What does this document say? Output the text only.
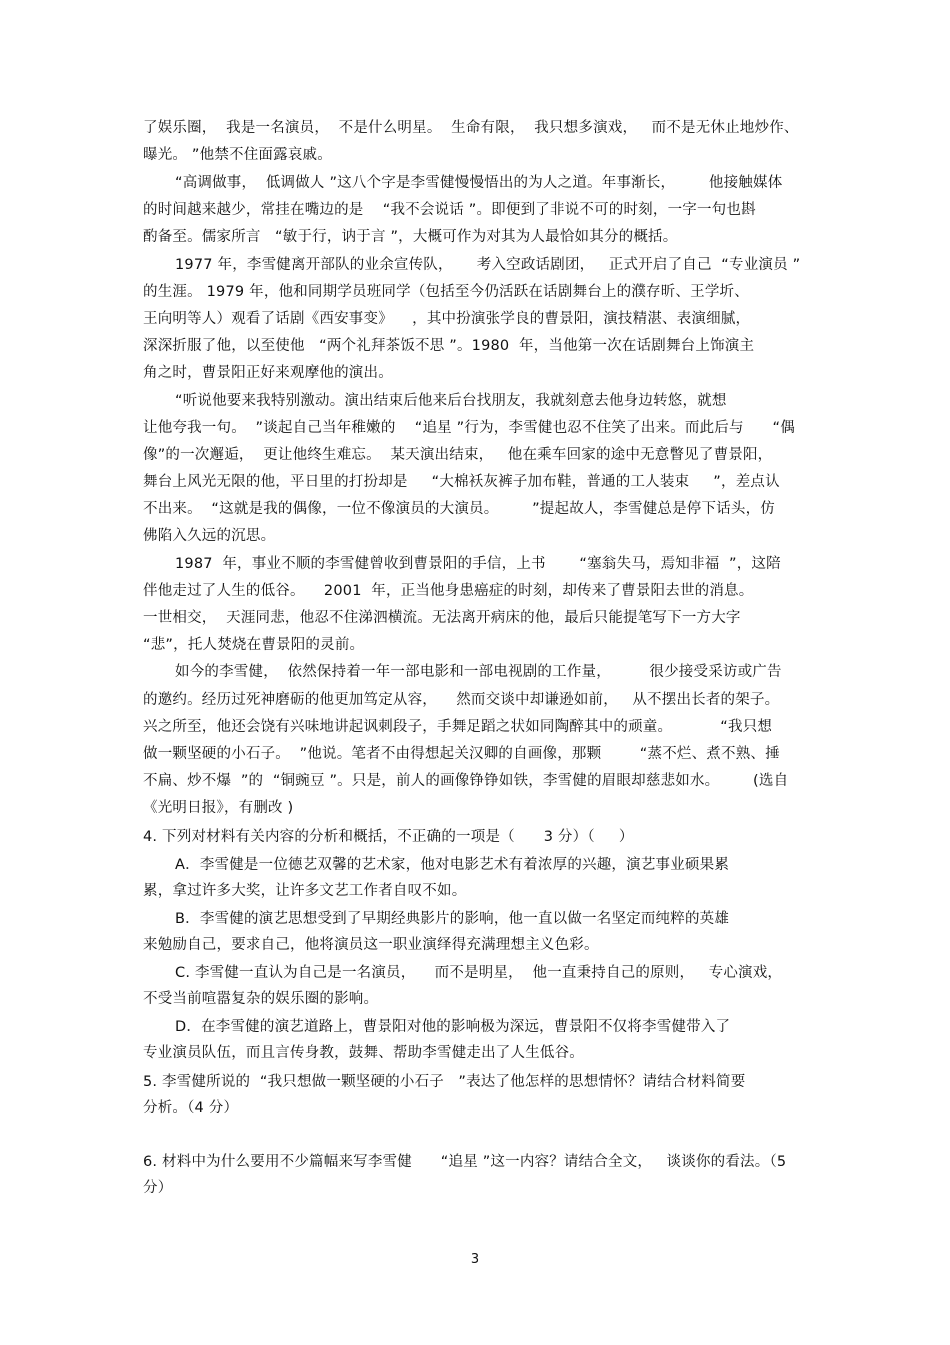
了娱乐圈，  我是一名演员，  不是什么明星。  生命有限，  我只想多演戏，   而不是无休止地炒作、
曝光。 ”他禁不住面露哀戚。
“高调做事，  低调做人 ”这八个字是李雪健慢慢悟出的为人之道。年事渐长，       他接触媒体
的时间越来越少，常挂在嘴边的是    “我不会说话 ”。即便到了非说不可的时刻，一字一句也斟
酌备至。儒家所言   “敏于行，讷于言 ”，大概可作为对其为人最恰如其分的概括。
1977 年，李雪健离开部队的业余宣传队，     考入空政话剧团，   正式开启了自己  “专业演员 ”
的生涯。 1979 年，他和同期学员班同学（包括至今仍活跃在话剧舞台上的濮存昕、王学圻、
王向明等人）观看了话剧《西安事变》    ，其中扮演张学良的曹景阳，演技精湛、表演细腻，
深深折服了他，以至使他   “两个礼拜茶饭不思 ”。1980  年，当他第一次在话剧舞台上饰演主
角之时，曹景阳正好来观摩他的演出。
“听说他要来我特别激动。演出结束后他来后台找朋友，我就刻意去他身边转悠，就想
让他夸我一句。  ”谈起自己当年稚嫩的    “追星 ”行为，李雪健也忍不住笑了出来。而此后与      “偶
像”的一次邂逅，  更让他终生难忘。  某天演出结束，   他在乘车回家的途中无意瞥见了曹景阳，
舞台上风光无限的他，平日里的打扮却是     “大棉袄灰裤子加布鞋，普通的工人装束     ”，差点认
不出来。  “这就是我的偶像，一位不像演员的大演员。       ”提起故人，李雪健总是停下话头，仿
佛陷入久远的沉思。
1987  年，事业不顺的李雪健曾收到曹景阳的手信，上书       “塞翁失马，焉知非福  ”，这陪
伴他走过了人生的低谷。    2001  年，正当他身患癌症的时刻，却传来了曹景阳去世的消息。
一世相交，  天涯同悲，他忍不住涕泗横流。无法离开病床的他，最后只能提笔写下一方大字
“悲”，托人焚烧在曹景阳的灵前。
如今的李雪健，  依然保持着一年一部电影和一部电视剧的工作量，        很少接受采访或广告
的邀约。经历过死神磨砺的他更加笃定从容，    然而交谈中却谦逊如前，   从不摆出长者的架子。
兴之所至，他还会饶有兴味地讲起讽刺段子，手舞足蹈之状如同陶醉其中的顽童。          “我只想
做一颗坚硬的小石子。  ”他说。笔者不由得想起关汉卿的自画像，那颗        “蒸不烂、煮不熟、捶
不扁、炒不爆  ”的  “铜豌豆 ”。只是，前人的画像铮铮如铁，李雪健的眉眼却慈悲如水。       (选自
《光明日报》，有删改 )
4. 下列对材料有关内容的分析和概括，不正确的一项是（      3 分）（     ）
A．李雪健是一位德艺双馨的艺术家，他对电影艺术有着浓厚的兴趣，演艺事业硕果累
累，拿过许多大奖，让许多文艺工作者自叹不如。
B．李雪健的演艺思想受到了早期经典影片的影响，他一直以做一名坚定而纯粹的英雄
来勉励自己，要求自己，他将演员这一职业演绎得充满理想主义色彩。
C. 李雪健一直认为自己是一名演员，    而不是明星，  他一直秉持自己的原则，   专心演戏，
不受当前喧嚣复杂的娱乐圈的影响。
D．在李雪健的演艺道路上，曹景阳对他的影响极为深远，曹景阳不仅将李雪健带入了
专业演员队伍，而且言传身教，鼓舞、帮助李雪健走出了人生低谷。
5. 李雪健所说的  “我只想做一颗坚硬的小石子   ”表达了他怎样的思想情怀？请结合材料简要
分析。（4 分）
6. 材料中为什么要用不少篇幅来写李雪健      “追星 ”这一内容？请结合全文，   谈谈你的看法。（5
分）
3
